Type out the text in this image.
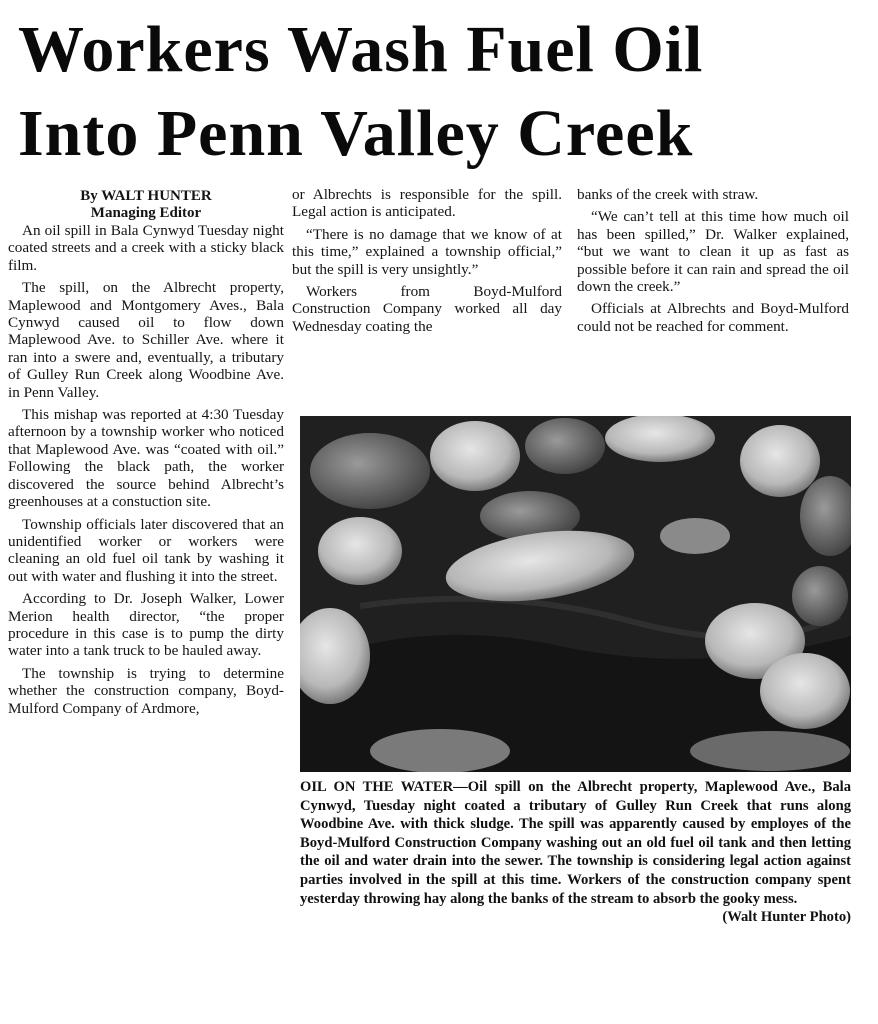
Workers Wash Fuel Oil
Into Penn Valley Creek
By WALT HUNTER
Managing Editor

An oil spill in Bala Cynwyd Tuesday night coated streets and a creek with a sticky black film.

The spill, on the Albrecht property, Maplewood and Montgomery Aves., Bala Cynwyd caused oil to flow down Maplewood Ave. to Schiller Ave. where it ran into a swere and, eventually, a tributary of Gulley Run Creek along Woodbine Ave. in Penn Valley.

This mishap was reported at 4:30 Tuesday afternoon by a township worker who noticed that Maplewood Ave. was “coated with oil.” Following the black path, the worker discovered the source behind Albrecht’s greenhouses at a constuction site.

Township officials later discovered that an unidentified worker or workers were cleaning an old fuel oil tank by washing it out with water and flushing it into the street.

According to Dr. Joseph Walker, Lower Merion health director, “the proper procedure in this case is to pump the dirty water into a tank truck to be hauled away.

The township is trying to determine whether the construction company, Boyd-Mulford Company of Ardmore,

or Albrechts is responsible for the spill. Legal action is anticipated.

“There is no damage that we know of at this time,” explained a township official,” but the spill is very unsightly.”

Workers from Boyd-Mulford Construction Company worked all day Wednesday coating the

banks of the creek with straw.

“We can’t tell at this time how much oil has been spilled,” Dr. Walker explained, “but we want to clean it up as fast as possible before it can rain and spread the oil down the creek.”

Officials at Albrechts and Boyd-Mulford could not be reached for comment.

OIL ON THE WATER—Oil spill on the Albrecht property, Maplewood Ave., Bala Cynwyd, Tuesday night coated a tributary of Gulley Run Creek that runs along Woodbine Ave. with thick sludge. The spill was apparently caused by employes of the Boyd-Mulford Construction Company washing out an old fuel oil tank and then letting the oil and water drain into the sewer. The township is considering legal action against parties involved in the spill at this time. Workers of the construction company spent yesterday throwing hay along the banks of the stream to absorb the gooky mess.
(Walt Hunter Photo)
